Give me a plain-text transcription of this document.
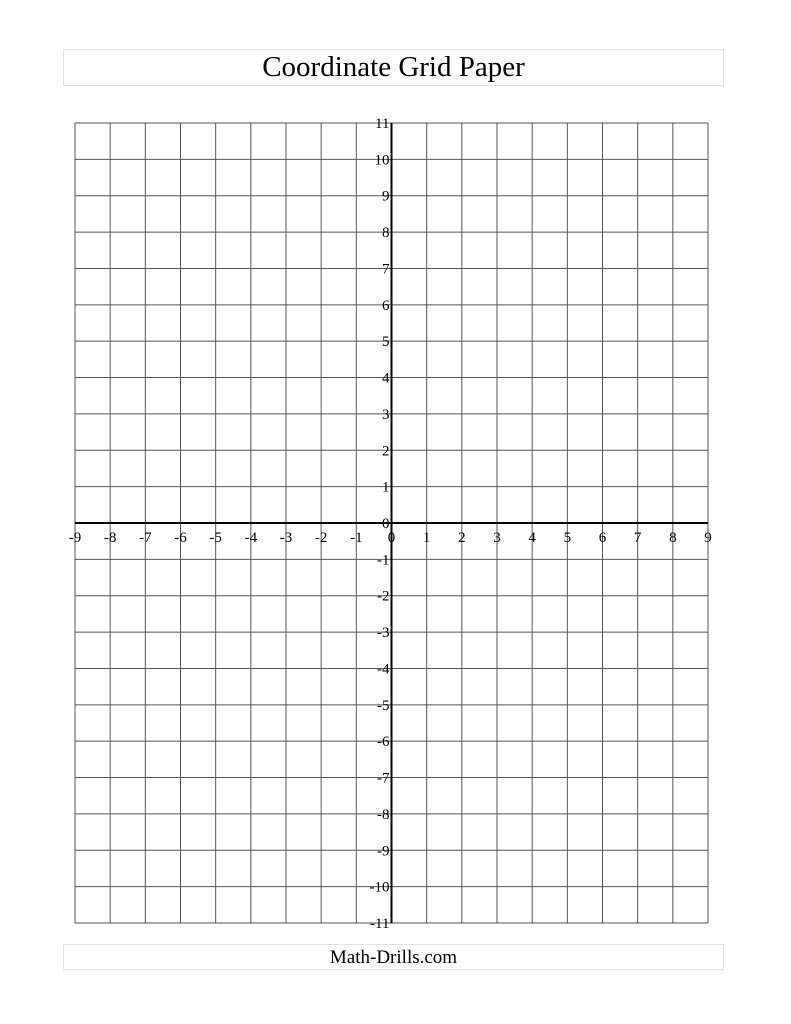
Coordinate Grid Paper
-9 -8 -7 -6 -5 -4 -3 -2 -1 0 1 2 3 4 5 6 7 8 9
11
10
9
8
7
6
5
4
3
2
1
0
-1
-2
-3
-4
-5
-6
-7
-8
-9
-10
-11
Math-Drills.com
